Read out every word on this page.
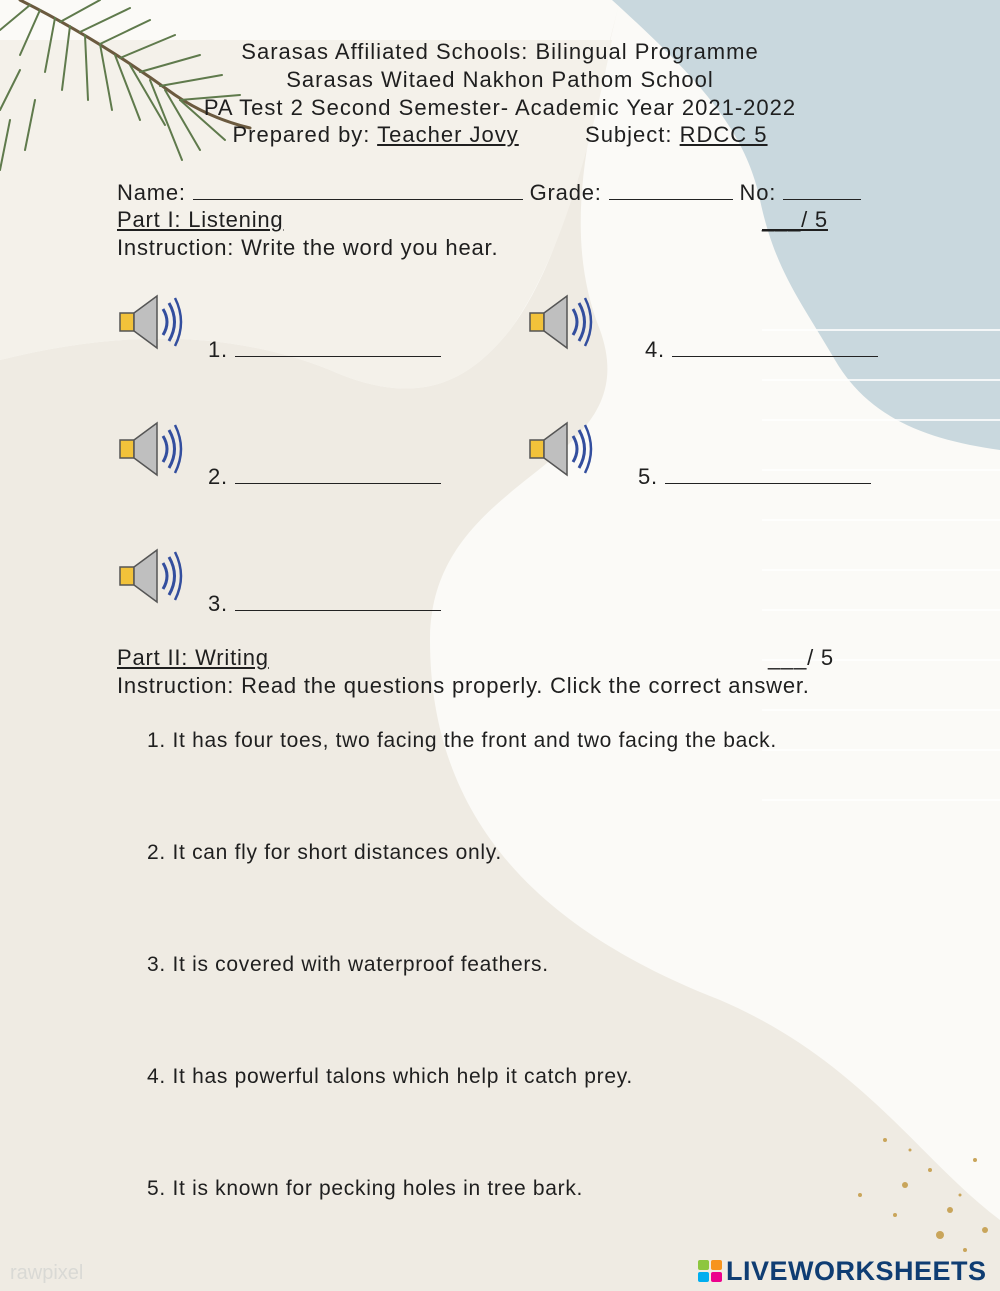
Sarasas Affiliated Schools: Bilingual Programme
Sarasas Witaed Nakhon Pathom School
PA Test 2 Second Semester- Academic Year 2021-2022
Prepared by: Teacher Jovy	Subject: RDCC 5
Name:	Grade:	No:
Part I: Listening	___/ 5
Instruction: Write the word you hear.
1.
2.
3.
4.
5.
Part II: Writing	___/ 5
Instruction: Read the questions properly. Click the correct answer.
1. It has four toes, two facing the front and two facing the back.
2. It can fly for short distances only.
3. It is covered with waterproof feathers.
4. It has powerful talons which help it catch prey.
5. It is known for pecking holes in tree bark.
rawpixel	LIVEWORKSHEETS
